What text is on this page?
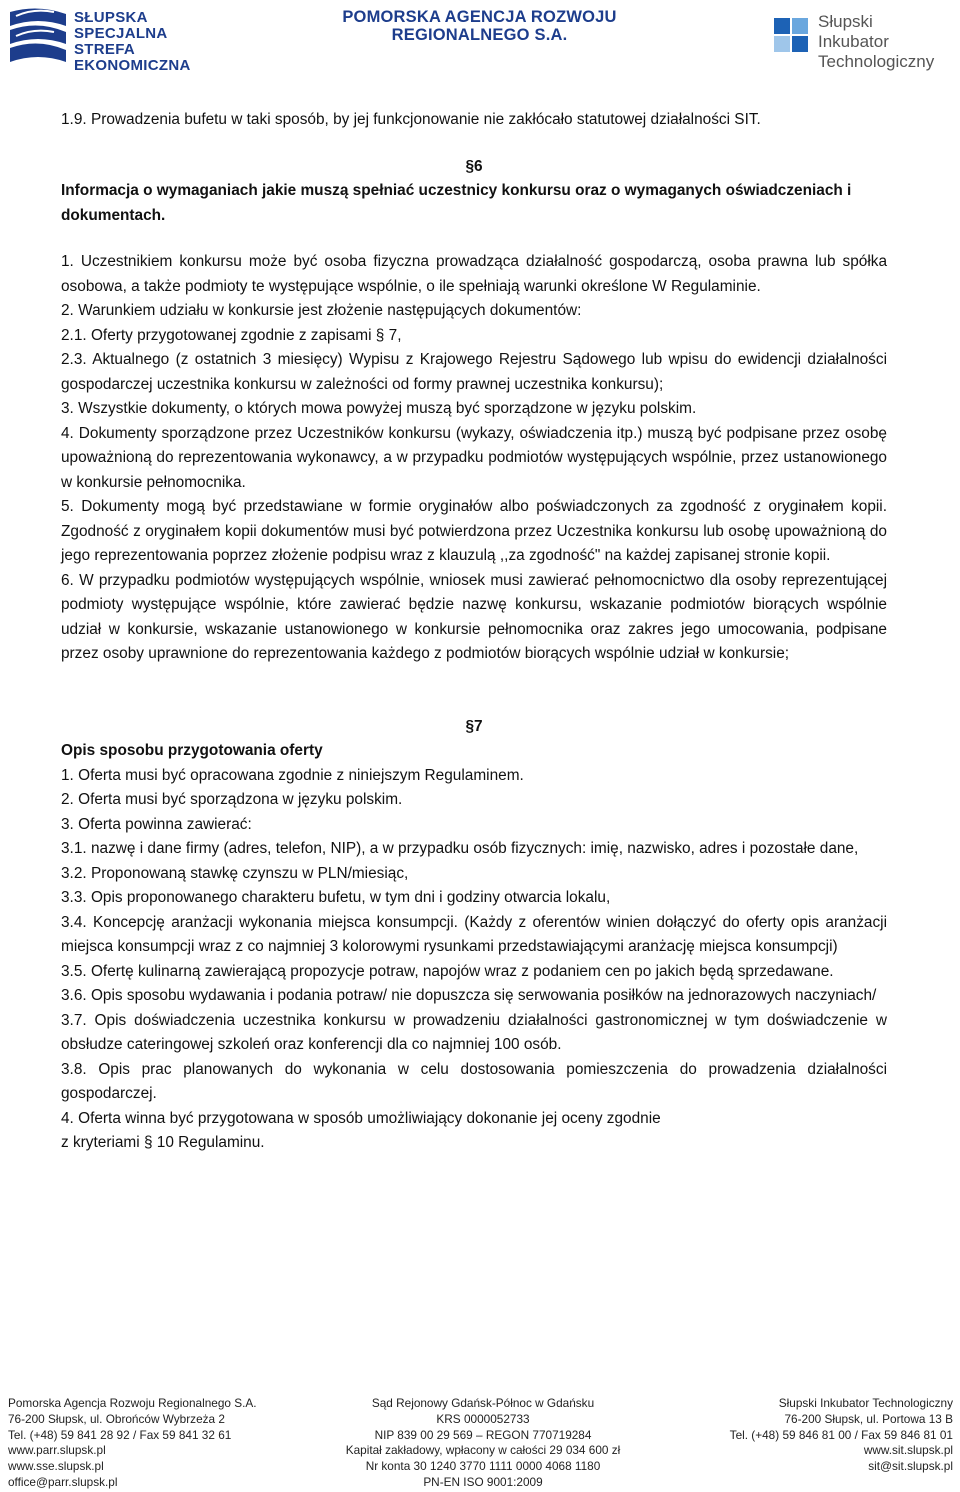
SŁUPSKA
SPECJALNA
STREFA
EKONOMICZNA
POMORSKA AGENCJA ROZWOJU
REGIONALNEGO S.A.
Słupski
Inkubator
Technologiczny

1.9. Prowadzenia bufetu w taki sposób, by jej funkcjonowanie nie zakłócało statutowej działalności SIT.

§6

Informacja o wymaganiach jakie muszą spełniać uczestnicy konkursu oraz o wymaganych oświadczeniach i dokumentach.

1. Uczestnikiem konkursu może być osoba fizyczna prowadząca działalność gospodarczą, osoba prawna lub spółka osobowa, a także podmioty te występujące wspólnie, o ile spełniają warunki określone W Regulaminie.

2. Warunkiem udziału w konkursie jest złożenie następujących dokumentów:

2.1. Oferty przygotowanej zgodnie z zapisami § 7,

2.3. Aktualnego (z ostatnich 3 miesięcy) Wypisu z Krajowego Rejestru Sądowego lub wpisu do ewidencji działalności gospodarczej uczestnika konkursu w zależności od formy prawnej uczestnika konkursu);

3. Wszystkie dokumenty, o których mowa powyżej muszą być sporządzone w języku polskim.

4. Dokumenty sporządzone przez Uczestników konkursu (wykazy, oświadczenia itp.) muszą być podpisane przez osobę upoważnioną do reprezentowania wykonawcy, a w przypadku podmiotów występujących wspólnie, przez ustanowionego w konkursie pełnomocnika.

5. Dokumenty mogą być przedstawiane w formie oryginałów albo poświadczonych za zgodność z oryginałem kopii. Zgodność z oryginałem kopii dokumentów musi być potwierdzona przez Uczestnika konkursu lub osobę upoważnioną do jego reprezentowania poprzez złożenie podpisu wraz z klauzulą ,,za zgodność" na każdej zapisanej stronie kopii.

6. W przypadku podmiotów występujących wspólnie, wniosek musi zawierać pełnomocnictwo dla osoby reprezentującej podmioty występujące wspólnie, które zawierać będzie nazwę konkursu, wskazanie podmiotów biorących wspólnie udział w konkursie, wskazanie ustanowionego w konkursie pełnomocnika oraz zakres jego umocowania, podpisane przez osoby uprawnione do reprezentowania każdego z podmiotów biorących wspólnie udział w konkursie;

§7

Opis sposobu przygotowania oferty

1. Oferta musi być opracowana zgodnie z niniejszym Regulaminem.

2. Oferta musi być sporządzona w języku polskim.

3. Oferta powinna zawierać:

3.1. nazwę i dane firmy (adres, telefon, NIP), a w przypadku osób fizycznych: imię, nazwisko, adres i pozostałe dane,

3.2. Proponowaną stawkę czynszu w PLN/miesiąc,

3.3. Opis proponowanego charakteru bufetu, w tym dni i godziny otwarcia lokalu,

3.4. Koncepcję aranżacji wykonania miejsca konsumpcji. (Każdy z oferentów winien dołączyć do oferty opis aranżacji miejsca konsumpcji wraz z co najmniej 3 kolorowymi rysunkami przedstawiającymi aranżację miejsca konsumpcji)

3.5. Ofertę kulinarną zawierającą propozycje potraw, napojów wraz z podaniem cen po jakich będą sprzedawane.

3.6. Opis sposobu wydawania i podania potraw/ nie dopuszcza się serwowania posiłków na jednorazowych naczyniach/

3.7. Opis doświadczenia uczestnika konkursu w prowadzeniu działalności gastronomicznej w tym doświadczenie w obsłudze cateringowej szkoleń oraz konferencji dla co najmniej 100 osób.

3.8. Opis prac planowanych do wykonania w celu dostosowania pomieszczenia do prowadzenia działalności gospodarczej.

4. Oferta winna być przygotowana w sposób umożliwiający dokonanie jej oceny zgodnie

z kryteriami § 10 Regulaminu.

Pomorska Agencja Rozwoju Regionalnego S.A.
76-200 Słupsk, ul. Obrońców Wybrzeża 2
Tel. (+48) 59 841 28 92 / Fax 59 841 32 61
www.parr.slupsk.pl
www.sse.slupsk.pl
office@parr.slupsk.pl
Sąd Rejonowy Gdańsk-Północ w Gdańsku
KRS 0000052733
NIP 839 00 29 569 – REGON 770719284
Kapitał zakładowy, wpłacony w całości 29 034 600 zł
Nr konta 30 1240 3770 1111 0000 4068 1180
PN-EN ISO 9001:2009
Słupski Inkubator Technologiczny
76-200 Słupsk, ul. Portowa 13 B
Tel. (+48) 59 846 81 00 / Fax 59 846 81 01
www.sit.slupsk.pl
sit@sit.slupsk.pl
